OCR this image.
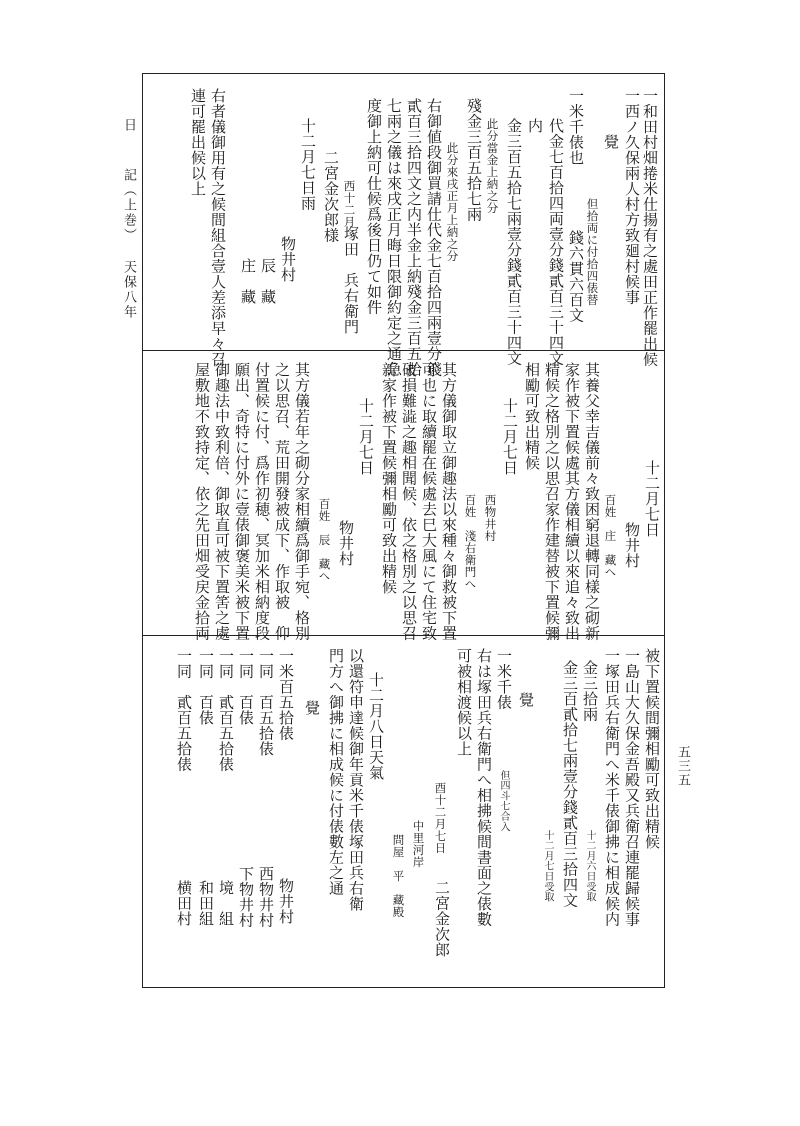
日
記（上巻）
天保八年
五三五
一和田村畑捲米仕揚有之處田正作罷出候
一西ノ久保兩人村方致廻村候事
覺
但拾両に付拾四俵替
一米千俵也
錢六貫六百文
代金七百拾四両壹分錢貳百三十四文
内
金三百五拾七兩壹分錢貳百三十四文
此分當金上納之分
殘金三百五拾七兩
此分來戌正月上納之分
右御値段御買請仕代金七百拾四兩壹分錢
貳百三拾四文之内半金上納殘金三百五拾
七兩之儀は來戌正月晦日限御約定之通急
度御上納可仕候爲後日仍て如件
西十二月
塚田　兵右衛門
二宮金次郎様
十二月七日雨
物井村
辰　藏
庄　藏
右者儀御用有之候間組合壹人差添早々召
連可罷出候以上
十二月七日
物井村
百姓　庄　藏へ
其養父幸吉儀前々致困窮退轉同樣之砌新
家作被下置候處其方儀相續以來追々致出
精候之格別之以思召家作建替被下置候彌
相勵可致出精候
十二月七日
西物井村
百姓　淺右衛門へ
其方儀御取立御趣法以來種々御救被下置
可也に取續罷在候處去巳大風にて住宅致
破損難澁之趣相聞候、依之格別之以思召
新家作被下置候彌相勵可致出精候
十二月七日
物井村
百姓　辰　藏へ
其方儀若年之砌分家相續爲御手宛、格別
之以思召、荒田開發被成下、作取被　仰
付置候に付、爲作初穂、冥加米相納度段
願出、奇特に付外に壹俵御褒美米被下置
御趣法中致利倍、御取直可被下置筈之處
屋敷地不致持定、依之先田畑受戻金拾両
被下置候間彌相勵可致出精候
一島山大久保金吾殿又兵衛召連罷歸候事
一塚田兵右衛門へ米千俵御拂に相成候内
金三拾兩
十二月六日受取
金三百貳拾七兩壹分錢貳百三拾四文
十二月七日受取
覺
一米千俵
但四斗七合入
右は塚田兵右衛門へ相拂候間書面之俵數
可被相渡候以上
酉十二月七日
二宮金次郎
中里河岸
問屋　平　藏殿
十二月八日天氣
以還符申達候御年貢米千俵塚田兵右衛
門方へ御拂に相成候に付俵數左之通
覺
一米百五拾俵
物井村
一同　百五拾俵
西物井村
一同　百俵
下物井村
一同　貳百五拾俵
境　組
一同　百俵
和田組
一同　貳百五拾俵
横田村
